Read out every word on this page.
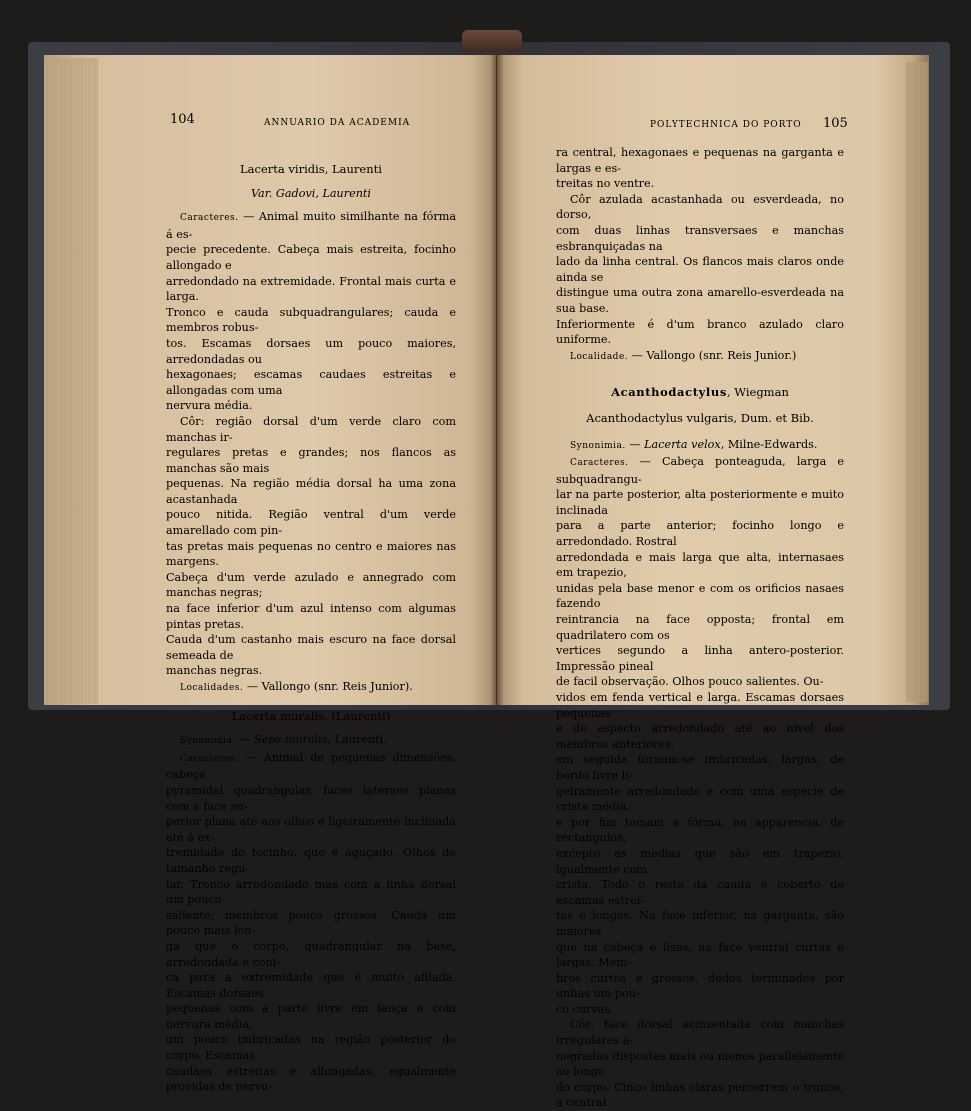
104	ANNUARIO DA ACADEMIA

Lacerta viridis, Laurenti

Var. Gadovi, Laurenti

Caracteres. — Animal muito similhante na fórma á es-
pecie precedente. Cabeça mais estreita, focinho allongado e
arredondado na extremidade. Frontal mais curta e larga.
Tronco e cauda subquadrangulares; cauda e membros robus-
tos. Escamas dorsaes um pouco maiores, arredondadas ou
hexagonaes; escamas caudaes estreitas e allongadas com uma
nervura média.

Côr: região dorsal d'um verde claro com manchas ir-
regulares pretas e grandes; nos flancos as manchas são mais
pequenas. Na região média dorsal ha uma zona acastanhada
pouco nitida. Região ventral d'um verde amarellado com pin-
tas pretas mais pequenas no centro e maiores nas margens.
Cabeça d'um verde azulado e annegrado com manchas negras;
na face inferior d'um azul intenso com algumas pintas pretas.
Cauda d'um castanho mais escuro na face dorsal semeada de
manchas negras.

Localidades. — Vallongo (snr. Reis Junior).

Lacerta muralis, (Laurenti)

Synonimia. — Seps muralis, Laurenti.

Caracteres. — Animal de pequenas dimensões, cabeça
pyramidal quadrangular, faces lateraes planas com a face su-
perior plana até aos olhos e ligeiramente inclinada até á ex-
tremidade do focinho, que é aguçado. Olhos de tamanho regu-
lar. Tronco arredondado mas com a linha dorsal um pouco
saliente; membros pouco grossos. Cauda um pouco mais lon-
ga que o corpo, quadrangular na base, arredondada e coni-
ca para a extremidade que é muito afilada. Escamas dorsaes
pequenas com a parte livre em lança e com nervura média,
um pouco imbricadas na região posterior do corpo. Escamas
caudaes estreitas e allongadas, egualmente providas de nervu-

POLYTECHNICA DO PORTO 105

ra central, hexagonaes e pequenas na garganta e largas e es-
treitas no ventre.

Côr azulada acastanhada ou esverdeada, no dorso,
com duas linhas transversaes e manchas esbranquiçadas na
lado da linha central. Os flancos mais claros onde ainda se
distingue uma outra zona amarello-esverdeada na sua base.
Inferiormente é d'um branco azulado claro uniforme.

Localidade. — Vallongo (snr. Reis Junior.)

Acanthodactylus, Wiegman

Acanthodactylus vulgaris, Dum. et Bib.

Synonimia. — Lacerta velox, Milne-Edwards.

Caracteres. — Cabeça ponteaguda, larga e subquadrangu-
lar na parte posterior, alta posteriormente e muito inclinada
para a parte anterior; focinho longo e arredondado. Rostral
arredondada e mais larga que alta, internasaes em trapezio,
unidas pela base menor e com os orificios nasaes fazendo
reintrancia na face opposta; frontal em quadrilatero com os
vertices segundo a linha antero-posterior. Impressão pineal
de facil observação. Olhos pouco salientes. Ou-
vidos em fenda vertical e larga. Escamas dorsaes pequenas
e de aspecto arredondado até ao nivel dos membros anteriores;
em seguida tornam-se imbricadas, largas, de bordo livre li-
geiramente arredondado e com uma especie de crista média,
e por fim tomam a fórma, na apparencia, de rectangulos,
excepto as medias que são em trapezio, igualmente com
crista. Todo o resto da cauda é coberto de escamas estrei-
tas e longas. Na face inferior, na garganta, são maiores
que na cabeça e lisas, na face ventral curtas e largas. Mem-
bros curtos e grossos, dedos terminados por unhas um pou-
co curvas.

Côr: face dorsal acinzentada com manchas irregulares a-
negradas dispostas mais ou menos parallelamente ao longo
do corpo. Cinco linhas claras percorrem o tronco; a central
